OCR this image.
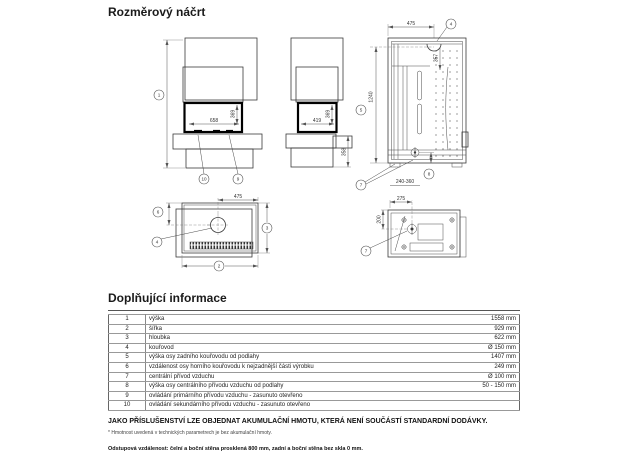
Rozměrový náčrt
1
658
369
10	9
419
369
358
7
475	4
357
1240
5
8
240-360
475
6
4
3
2
275
200
7
Doplňující informace
1	výška	1558 mm
2	šířka	929 mm
3	hloubka	622 mm
4	kouřovod	Ø 150 mm
5	výška osy zadního kouřovodu od podlahy	1407 mm
6	vzdálenost osy horního kouřovodu k nejzadnější části výrobku	249 mm
7	centrální přívod vzduchu	Ø 100 mm
8	výška osy centrálního přívodu vzduchu od podlahy	50 - 150 mm
9	ovládání primárního přívodu vzduchu - zasunuto otevřeno	
10	ovládání sekundárního přívodu vzduchu - zasunuto otevřeno	
JAKO PŘÍSLUŠENSTVÍ LZE OBJEDNAT AKUMULAČNÍ HMOTU, KTERÁ NENÍ SOUČÁSTÍ STANDARDNÍ DODÁVKY.
* Hmotnost uvedená v technických parametrech je bez akumulační hmoty.
Odstupová vzdálenost: čelní a boční stěna prosklená 800 mm, zadní a boční stěna bez skla 0 mm.
